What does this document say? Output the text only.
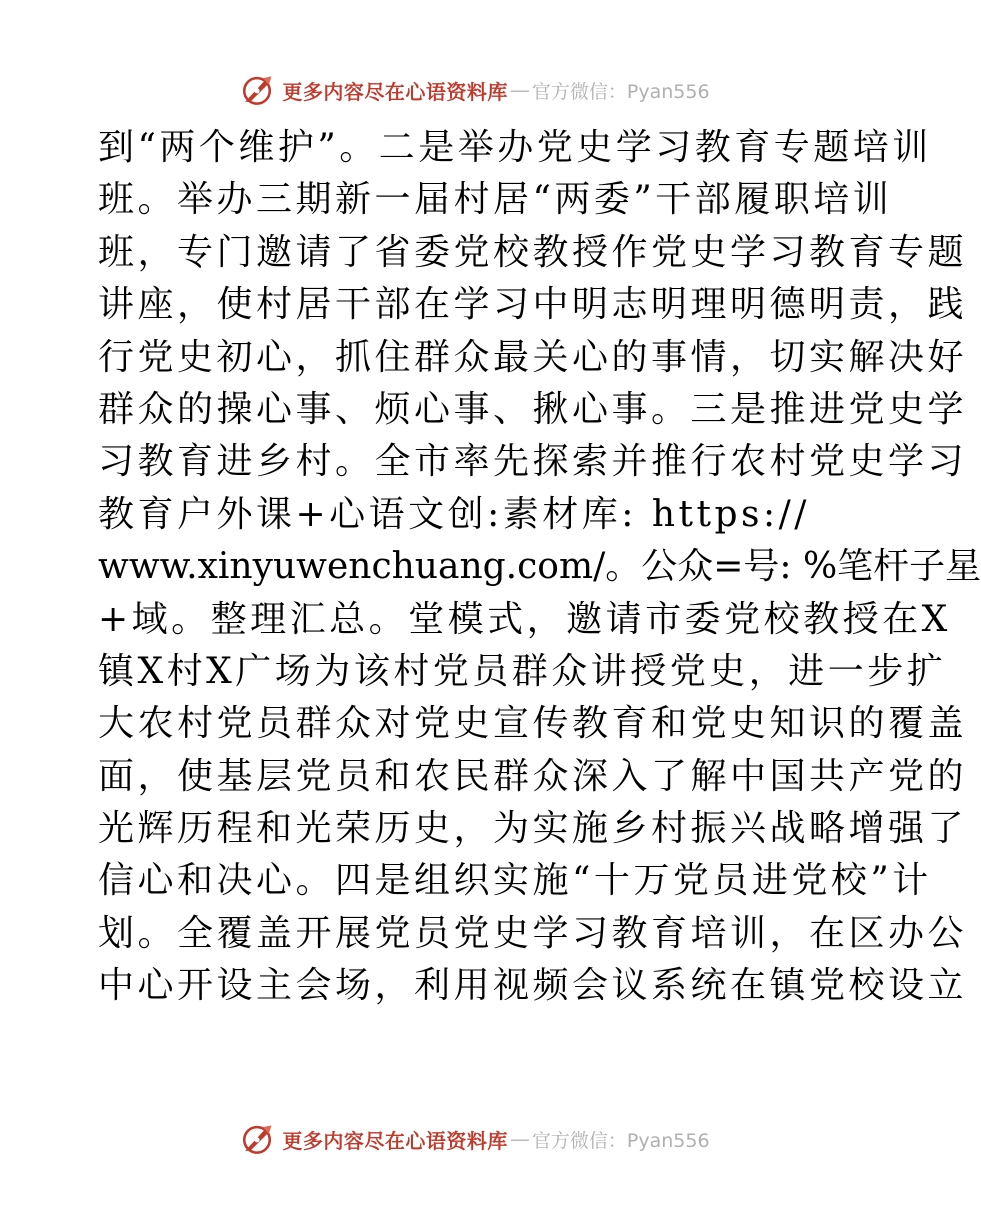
更多内容尽在心语资料库 — 官方微信：Pyan556
到“两个维护”。二是举办党史学习教育专题培训
班。举办三期新一届村居“两委”干部履职培训
班，专门邀请了省委党校教授作党史学习教育专题
讲座，使村居干部在学习中明志明理明德明责，践
行党史初心，抓住群众最关心的事情，切实解决好
群众的操心事、烦心事、揪心事。三是推进党史学
习教育进乡村。全市率先探索并推行农村党史学习
教育户外课+心语文创:素材库: https://
www.xinyuwenchuang.com/。公众=号: %笔杆子星
+域。整理汇总。堂模式，邀请市委党校教授在X
镇X村X广场为该村党员群众讲授党史，进一步扩
大农村党员群众对党史宣传教育和党史知识的覆盖
面，使基层党员和农民群众深入了解中国共产党的
光辉历程和光荣历史，为实施乡村振兴战略增强了
信心和决心。四是组织实施“十万党员进党校”计
划。全覆盖开展党员党史学习教育培训，在区办公
中心开设主会场，利用视频会议系统在镇党校设立
更多内容尽在心语资料库 — 官方微信：Pyan556
